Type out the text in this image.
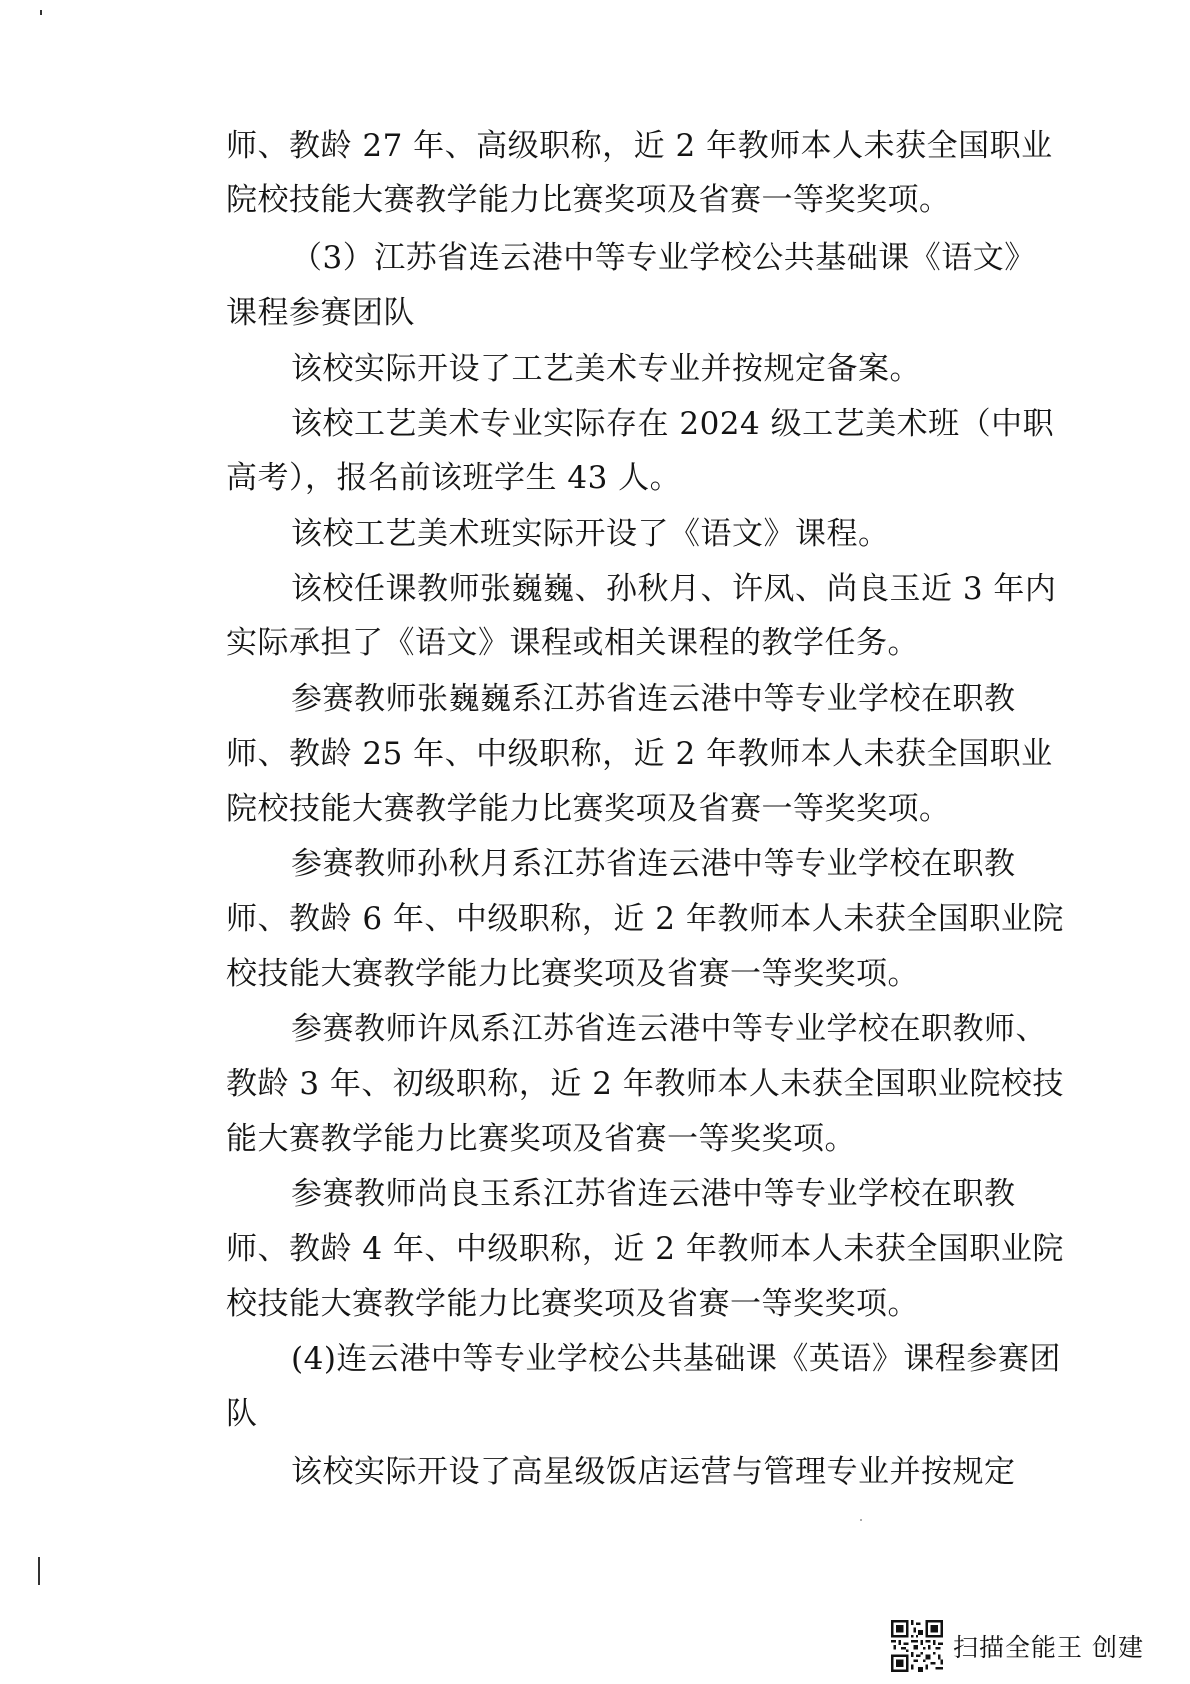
师、教龄 27 年、高级职称，近 2 年教师本人未获全国职业
院校技能大赛教学能力比赛奖项及省赛一等奖奖项。
（3）江苏省连云港中等专业学校公共基础课《语文》
课程参赛团队
该校实际开设了工艺美术专业并按规定备案。
该校工艺美术专业实际存在 2024 级工艺美术班（中职
高考），报名前该班学生 43 人。
该校工艺美术班实际开设了《语文》课程。
该校任课教师张巍巍、孙秋月、许凤、尚良玉近 3 年内
实际承担了《语文》课程或相关课程的教学任务。
参赛教师张巍巍系江苏省连云港中等专业学校在职教
师、教龄 25 年、中级职称，近 2 年教师本人未获全国职业
院校技能大赛教学能力比赛奖项及省赛一等奖奖项。
参赛教师孙秋月系江苏省连云港中等专业学校在职教
师、教龄 6 年、中级职称，近 2 年教师本人未获全国职业院
校技能大赛教学能力比赛奖项及省赛一等奖奖项。
参赛教师许凤系江苏省连云港中等专业学校在职教师、
教龄 3 年、初级职称，近 2 年教师本人未获全国职业院校技
能大赛教学能力比赛奖项及省赛一等奖奖项。
参赛教师尚良玉系江苏省连云港中等专业学校在职教
师、教龄 4 年、中级职称，近 2 年教师本人未获全国职业院
校技能大赛教学能力比赛奖项及省赛一等奖奖项。
(4)连云港中等专业学校公共基础课《英语》课程参赛团
队
该校实际开设了高星级饭店运营与管理专业并按规定
扫描全能王 创建
